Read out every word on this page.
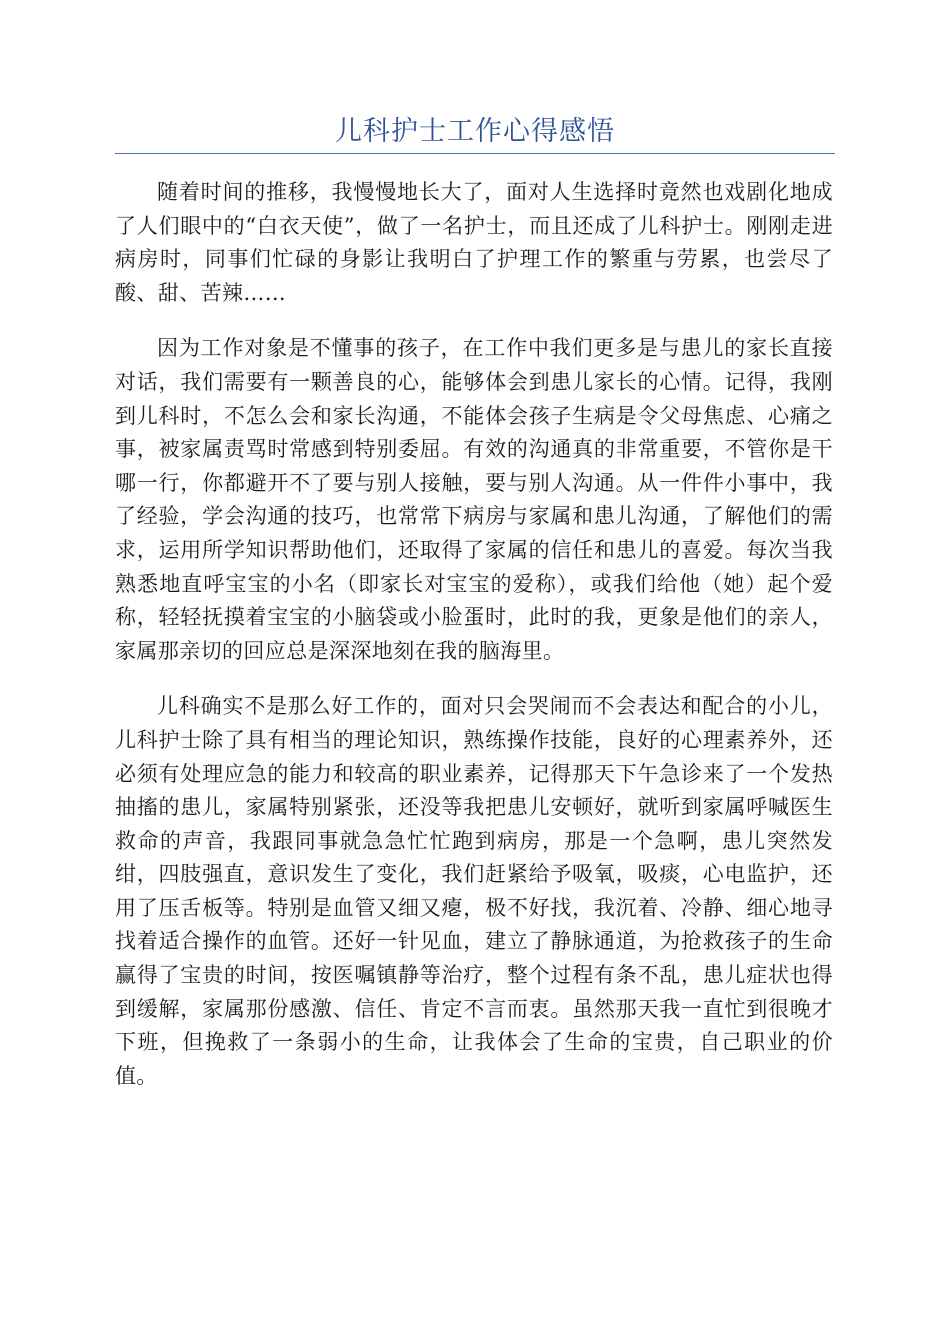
儿科护士工作心得感悟

随着时间的推移，我慢慢地长大了，面对人生选择时竟然也戏剧化地成了人们眼中的“白衣天使”，做了一名护士，而且还成了儿科护士。刚刚走进病房时，同事们忙碌的身影让我明白了护理工作的繁重与劳累，也尝尽了酸、甜、苦辣……

因为工作对象是不懂事的孩子，在工作中我们更多是与患儿的家长直接对话，我们需要有一颗善良的心，能够体会到患儿家长的心情。记得，我刚到儿科时，不怎么会和家长沟通，不能体会孩子生病是令父母焦虑、心痛之事，被家属责骂时常感到特别委屈。有效的沟通真的非常重要，不管你是干哪一行，你都避开不了要与别人接触，要与别人沟通。从一件件小事中，我了经验，学会沟通的技巧，也常常下病房与家属和患儿沟通，了解他们的需求，运用所学知识帮助他们，还取得了家属的信任和患儿的喜爱。每次当我熟悉地直呼宝宝的小名（即家长对宝宝的爱称），或我们给他（她）起个爱称，轻轻抚摸着宝宝的小脑袋或小脸蛋时，此时的我，更象是他们的亲人，家属那亲切的回应总是深深地刻在我的脑海里。

儿科确实不是那么好工作的，面对只会哭闹而不会表达和配合的小儿，儿科护士除了具有相当的理论知识，熟练操作技能，良好的心理素养外，还必须有处理应急的能力和较高的职业素养，记得那天下午急诊来了一个发热抽搐的患儿，家属特别紧张，还没等我把患儿安顿好，就听到家属呼喊医生救命的声音，我跟同事就急急忙忙跑到病房，那是一个急啊，患儿突然发绀，四肢强直，意识发生了变化，我们赶紧给予吸氧，吸痰，心电监护，还用了压舌板等。特别是血管又细又瘪，极不好找，我沉着、冷静、细心地寻找着适合操作的血管。还好一针见血，建立了静脉通道，为抢救孩子的生命赢得了宝贵的时间，按医嘱镇静等治疗，整个过程有条不乱，患儿症状也得到缓解，家属那份感激、信任、肯定不言而衷。虽然那天我一直忙到很晚才下班，但挽救了一条弱小的生命，让我体会了生命的宝贵，自己职业的价值。
